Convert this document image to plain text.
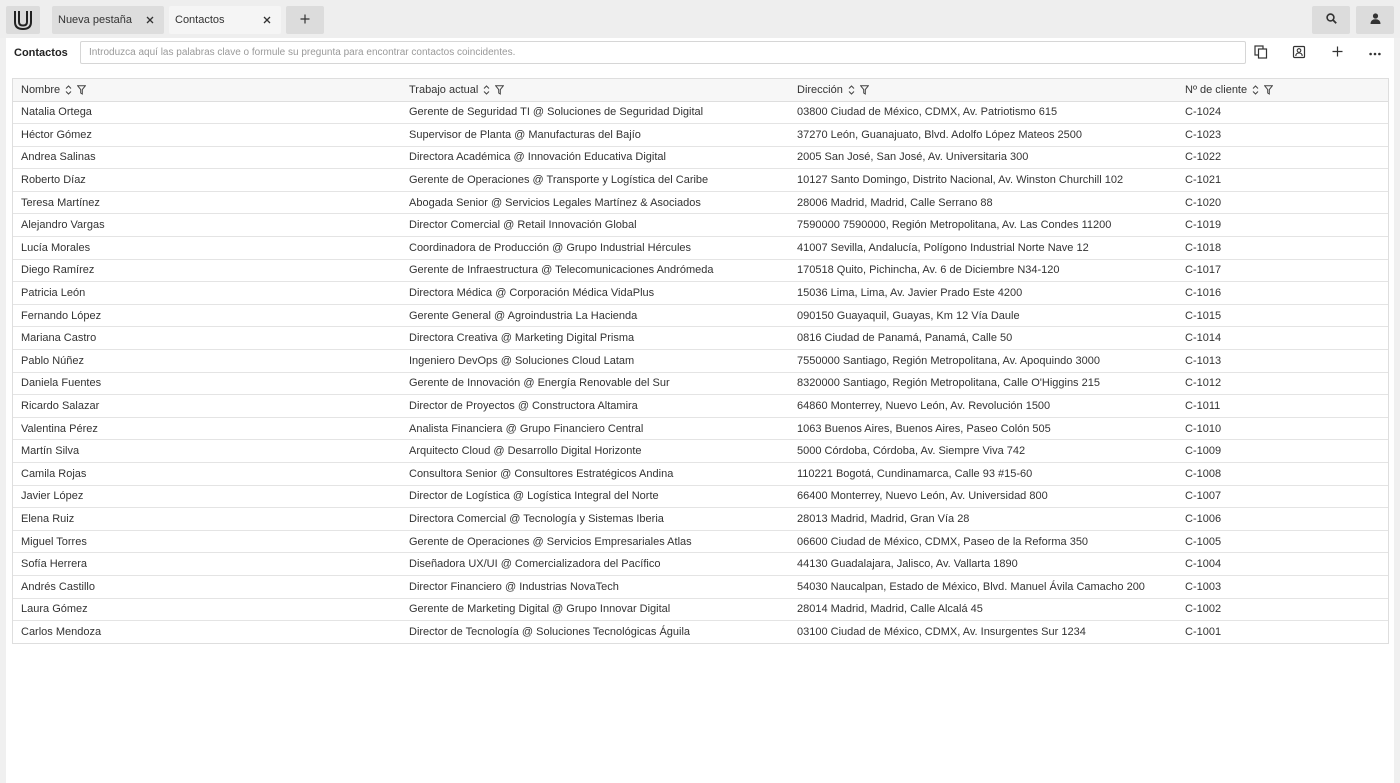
Nueva pestaña	Contactos
Contactos
Introduzca aquí las palabras clave o formule su pregunta para encontrar contactos coincidentes.
Nombre	Trabajo actual	Dirección	Nº de cliente

Natalia Ortega	Gerente de Seguridad TI @ Soluciones de Seguridad Digital	03800 Ciudad de México, CDMX, Av. Patriotismo 615	C-1024
Héctor Gómez	Supervisor de Planta @ Manufacturas del Bajío	37270 León, Guanajuato, Blvd. Adolfo López Mateos 2500	C-1023
Andrea Salinas	Directora Académica @ Innovación Educativa Digital	2005 San José, San José, Av. Universitaria 300	C-1022
Roberto Díaz	Gerente de Operaciones @ Transporte y Logística del Caribe	10127 Santo Domingo, Distrito Nacional, Av. Winston Churchill 102	C-1021
Teresa Martínez	Abogada Senior @ Servicios Legales Martínez & Asociados	28006 Madrid, Madrid, Calle Serrano 88	C-1020
Alejandro Vargas	Director Comercial @ Retail Innovación Global	7590000 7590000, Región Metropolitana, Av. Las Condes 11200	C-1019
Lucía Morales	Coordinadora de Producción @ Grupo Industrial Hércules	41007 Sevilla, Andalucía, Polígono Industrial Norte Nave 12	C-1018
Diego Ramírez	Gerente de Infraestructura @ Telecomunicaciones Andrómeda	170518 Quito, Pichincha, Av. 6 de Diciembre N34-120	C-1017
Patricia León	Directora Médica @ Corporación Médica VidaPlus	15036 Lima, Lima, Av. Javier Prado Este 4200	C-1016
Fernando López	Gerente General @ Agroindustria La Hacienda	090150 Guayaquil, Guayas, Km 12 Vía Daule	C-1015
Mariana Castro	Directora Creativa @ Marketing Digital Prisma	0816 Ciudad de Panamá, Panamá, Calle 50	C-1014
Pablo Núñez	Ingeniero DevOps @ Soluciones Cloud Latam	7550000 Santiago, Región Metropolitana, Av. Apoquindo 3000	C-1013
Daniela Fuentes	Gerente de Innovación @ Energía Renovable del Sur	8320000 Santiago, Región Metropolitana, Calle O'Higgins 215	C-1012
Ricardo Salazar	Director de Proyectos @ Constructora Altamira	64860 Monterrey, Nuevo León, Av. Revolución 1500	C-1011
Valentina Pérez	Analista Financiera @ Grupo Financiero Central	1063 Buenos Aires, Buenos Aires, Paseo Colón 505	C-1010
Martín Silva	Arquitecto Cloud @ Desarrollo Digital Horizonte	5000 Córdoba, Córdoba, Av. Siempre Viva 742	C-1009
Camila Rojas	Consultora Senior @ Consultores Estratégicos Andina	110221 Bogotá, Cundinamarca, Calle 93 #15-60	C-1008
Javier López	Director de Logística @ Logística Integral del Norte	66400 Monterrey, Nuevo León, Av. Universidad 800	C-1007
Elena Ruiz	Directora Comercial @ Tecnología y Sistemas Iberia	28013 Madrid, Madrid, Gran Vía 28	C-1006
Miguel Torres	Gerente de Operaciones @ Servicios Empresariales Atlas	06600 Ciudad de México, CDMX, Paseo de la Reforma 350	C-1005
Sofía Herrera	Diseñadora UX/UI @ Comercializadora del Pacífico	44130 Guadalajara, Jalisco, Av. Vallarta 1890	C-1004
Andrés Castillo	Director Financiero @ Industrias NovaTech	54030 Naucalpan, Estado de México, Blvd. Manuel Ávila Camacho 200	C-1003
Laura Gómez	Gerente de Marketing Digital @ Grupo Innovar Digital	28014 Madrid, Madrid, Calle Alcalá 45	C-1002
Carlos Mendoza	Director de Tecnología @ Soluciones Tecnológicas Águila	03100 Ciudad de México, CDMX, Av. Insurgentes Sur 1234	C-1001
